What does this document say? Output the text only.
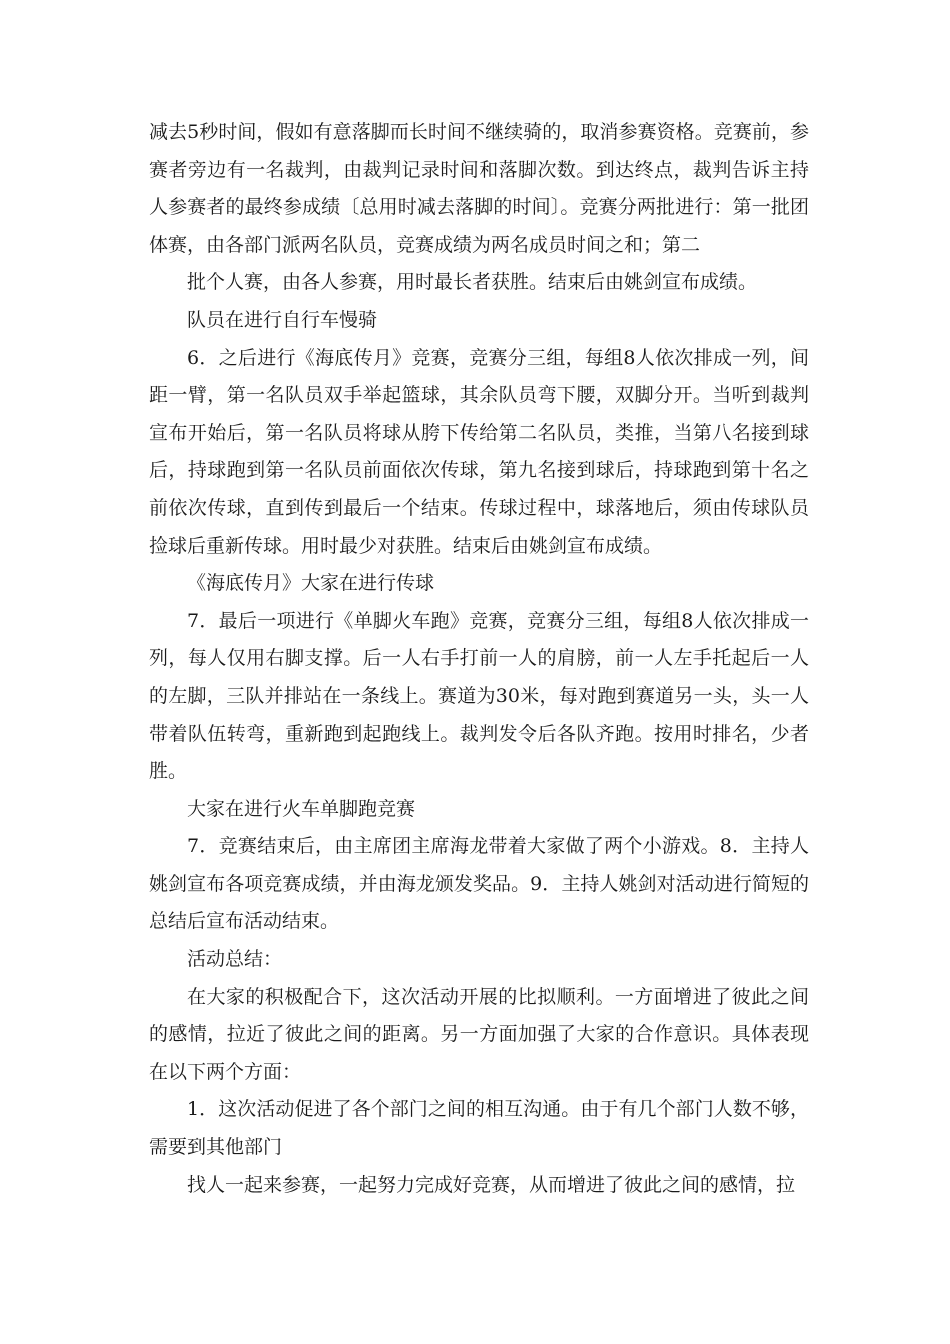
减去5秒时间，假如有意落脚而长时间不继续骑的，取消参赛资格。竞赛前，参赛者旁边有一名裁判，由裁判记录时间和落脚次数。到达终点，裁判告诉主持人参赛者的最终参成绩〔总用时减去落脚的时间〕。竞赛分两批进行：第一批团体赛，由各部门派两名队员，竞赛成绩为两名成员时间之和；第二

批个人赛，由各人参赛，用时最长者获胜。结束后由姚剑宣布成绩。

队员在进行自行车慢骑

6．之后进行《海底传月》竞赛，竞赛分三组，每组8人依次排成一列，间距一臂，第一名队员双手举起篮球，其余队员弯下腰，双脚分开。当听到裁判宣布开始后，第一名队员将球从胯下传给第二名队员，类推，当第八名接到球后，持球跑到第一名队员前面依次传球，第九名接到球后，持球跑到第十名之前依次传球，直到传到最后一个结束。传球过程中，球落地后，须由传球队员捡球后重新传球。用时最少对获胜。结束后由姚剑宣布成绩。

《海底传月》大家在进行传球

7．最后一项进行《单脚火车跑》竞赛，竞赛分三组，每组8人依次排成一列，每人仅用右脚支撑。后一人右手打前一人的肩膀，前一人左手托起后一人的左脚，三队并排站在一条线上。赛道为30米，每对跑到赛道另一头，头一人带着队伍转弯，重新跑到起跑线上。裁判发令后各队齐跑。按用时排名，少者胜。

大家在进行火车单脚跑竞赛

7．竞赛结束后，由主席团主席海龙带着大家做了两个小游戏。8．主持人姚剑宣布各项竞赛成绩，并由海龙颁发奖品。9．主持人姚剑对活动进行简短的总结后宣布活动结束。

活动总结：

在大家的积极配合下，这次活动开展的比拟顺利。一方面增进了彼此之间的感情，拉近了彼此之间的距离。另一方面加强了大家的合作意识。具体表现在以下两个方面：

1．这次活动促进了各个部门之间的相互沟通。由于有几个部门人数不够，需要到其他部门

找人一起来参赛，一起努力完成好竞赛，从而增进了彼此之间的感情，拉
